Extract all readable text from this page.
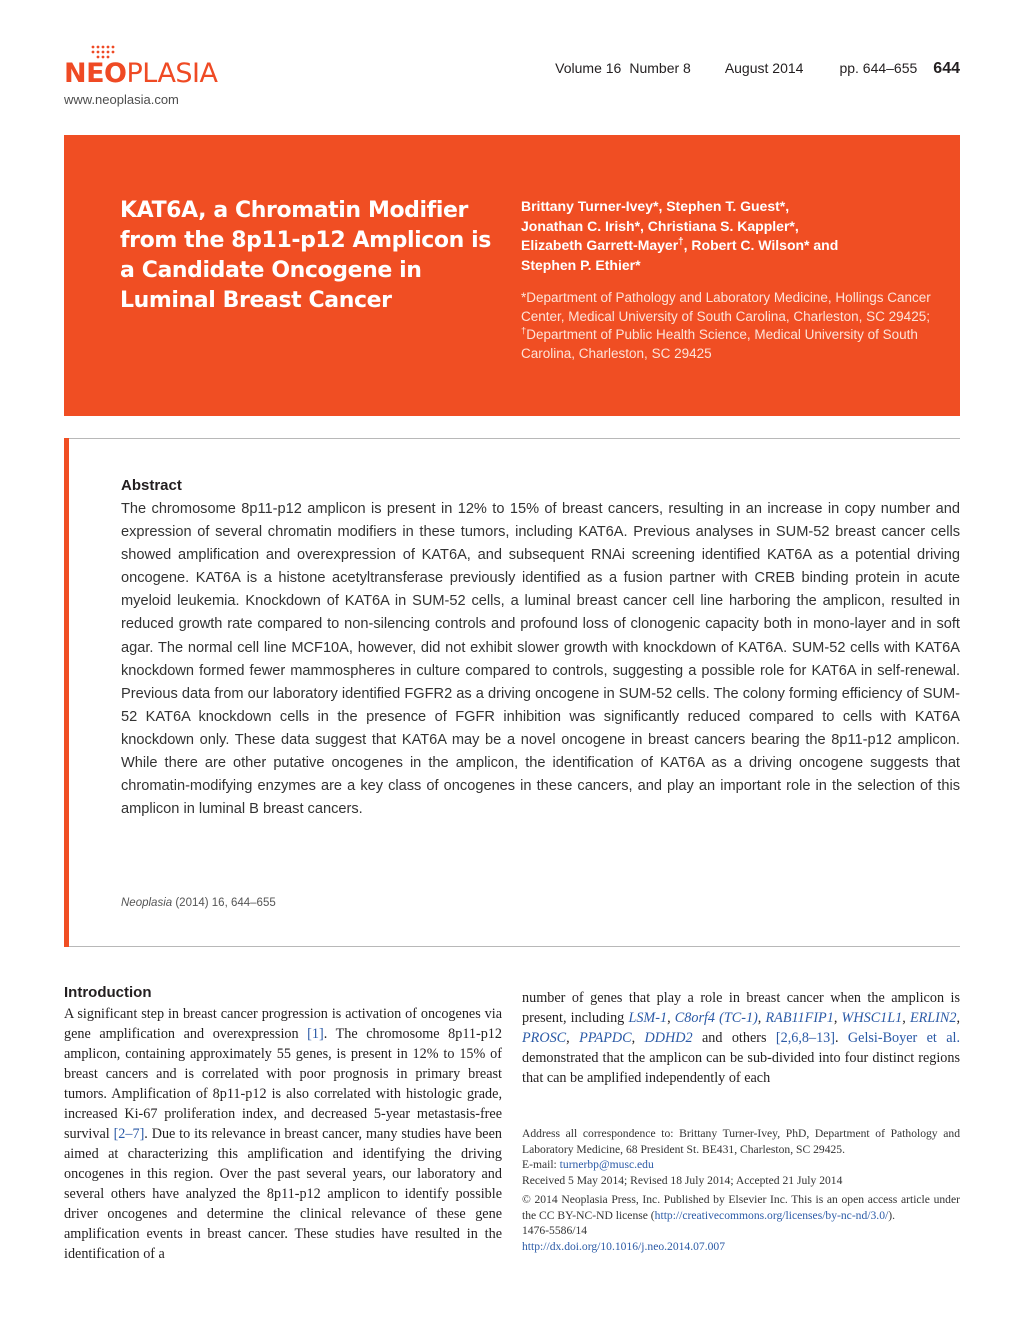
NEOPLASIA
www.neoplasia.com
Volume 16 Number 8 August 2014	pp. 644–655 644
KAT6A, a Chromatin Modifier from the 8p11-p12 Amplicon is a Candidate Oncogene in Luminal Breast Cancer
Brittany Turner-Ivey*, Stephen T. Guest*,
Jonathan C. Irish*, Christiana S. Kappler*,
Elizabeth Garrett-Mayer†, Robert C. Wilson* and
Stephen P. Ethier*
*Department of Pathology and Laboratory Medicine, Hollings Cancer Center, Medical University of South Carolina, Charleston, SC 29425; †Department of Public Health Science, Medical University of South Carolina, Charleston, SC 29425
Abstract
The chromosome 8p11-p12 amplicon is present in 12% to 15% of breast cancers, resulting in an increase in copy number and expression of several chromatin modifiers in these tumors, including KAT6A. Previous analyses in SUM-52 breast cancer cells showed amplification and overexpression of KAT6A, and subsequent RNAi screening identified KAT6A as a potential driving oncogene. KAT6A is a histone acetyltransferase previously identified as a fusion partner with CREB binding protein in acute myeloid leukemia. Knockdown of KAT6A in SUM-52 cells, a luminal breast cancer cell line harboring the amplicon, resulted in reduced growth rate compared to non-silencing controls and profound loss of clonogenic capacity both in mono-layer and in soft agar. The normal cell line MCF10A, however, did not exhibit slower growth with knockdown of KAT6A. SUM-52 cells with KAT6A knockdown formed fewer mammospheres in culture compared to controls, suggesting a possible role for KAT6A in self-renewal. Previous data from our laboratory identified FGFR2 as a driving oncogene in SUM-52 cells. The colony forming efficiency of SUM-52 KAT6A knockdown cells in the presence of FGFR inhibition was significantly reduced compared to cells with KAT6A knockdown only. These data suggest that KAT6A may be a novel oncogene in breast cancers bearing the 8p11-p12 amplicon. While there are other putative oncogenes in the amplicon, the identification of KAT6A as a driving oncogene suggests that chromatin-modifying enzymes are a key class of oncogenes in these cancers, and play an important role in the selection of this amplicon in luminal B breast cancers.
Neoplasia (2014) 16, 644–655
Introduction
A significant step in breast cancer progression is activation of oncogenes via gene amplification and overexpression [1]. The chromosome 8p11-p12 amplicon, containing approximately 55 genes, is present in 12% to 15% of breast cancers and is correlated with poor prognosis in primary breast tumors. Amplification of 8p11-p12 is also correlated with histologic grade, increased Ki-67 proliferation index, and decreased 5-year metastasis-free survival [2–7]. Due to its relevance in breast cancer, many studies have been aimed at characterizing this amplification and identifying the driving oncogenes in this region. Over the past several years, our laboratory and several others have analyzed the 8p11-p12 amplicon to identify possible driver oncogenes and determine the clinical relevance of these gene amplification events in breast cancer. These studies have resulted in the identification of a
number of genes that play a role in breast cancer when the amplicon is present, including LSM-1, C8orf4 (TC-1), RAB11FIP1, WHSC1L1, ERLIN2, PROSC, PPAPDC, DDHD2 and others [2,6,8–13]. Gelsi-Boyer et al. demonstrated that the amplicon can be sub-divided into four distinct regions that can be amplified independently of each

Address all correspondence to: Brittany Turner-Ivey, PhD, Department of Pathology and Laboratory Medicine, 68 President St. BE431, Charleston, SC 29425.

E-mail: turnerbp@musc.edu

Received 5 May 2014; Revised 18 July 2014; Accepted 21 July 2014

© 2014 Neoplasia Press, Inc. Published by Elsevier Inc. This is an open access article under the CC BY-NC-ND license (http://creativecommons.org/licenses/by-nc-nd/3.0/).

1476-5586/14

http://dx.doi.org/10.1016/j.neo.2014.07.007
